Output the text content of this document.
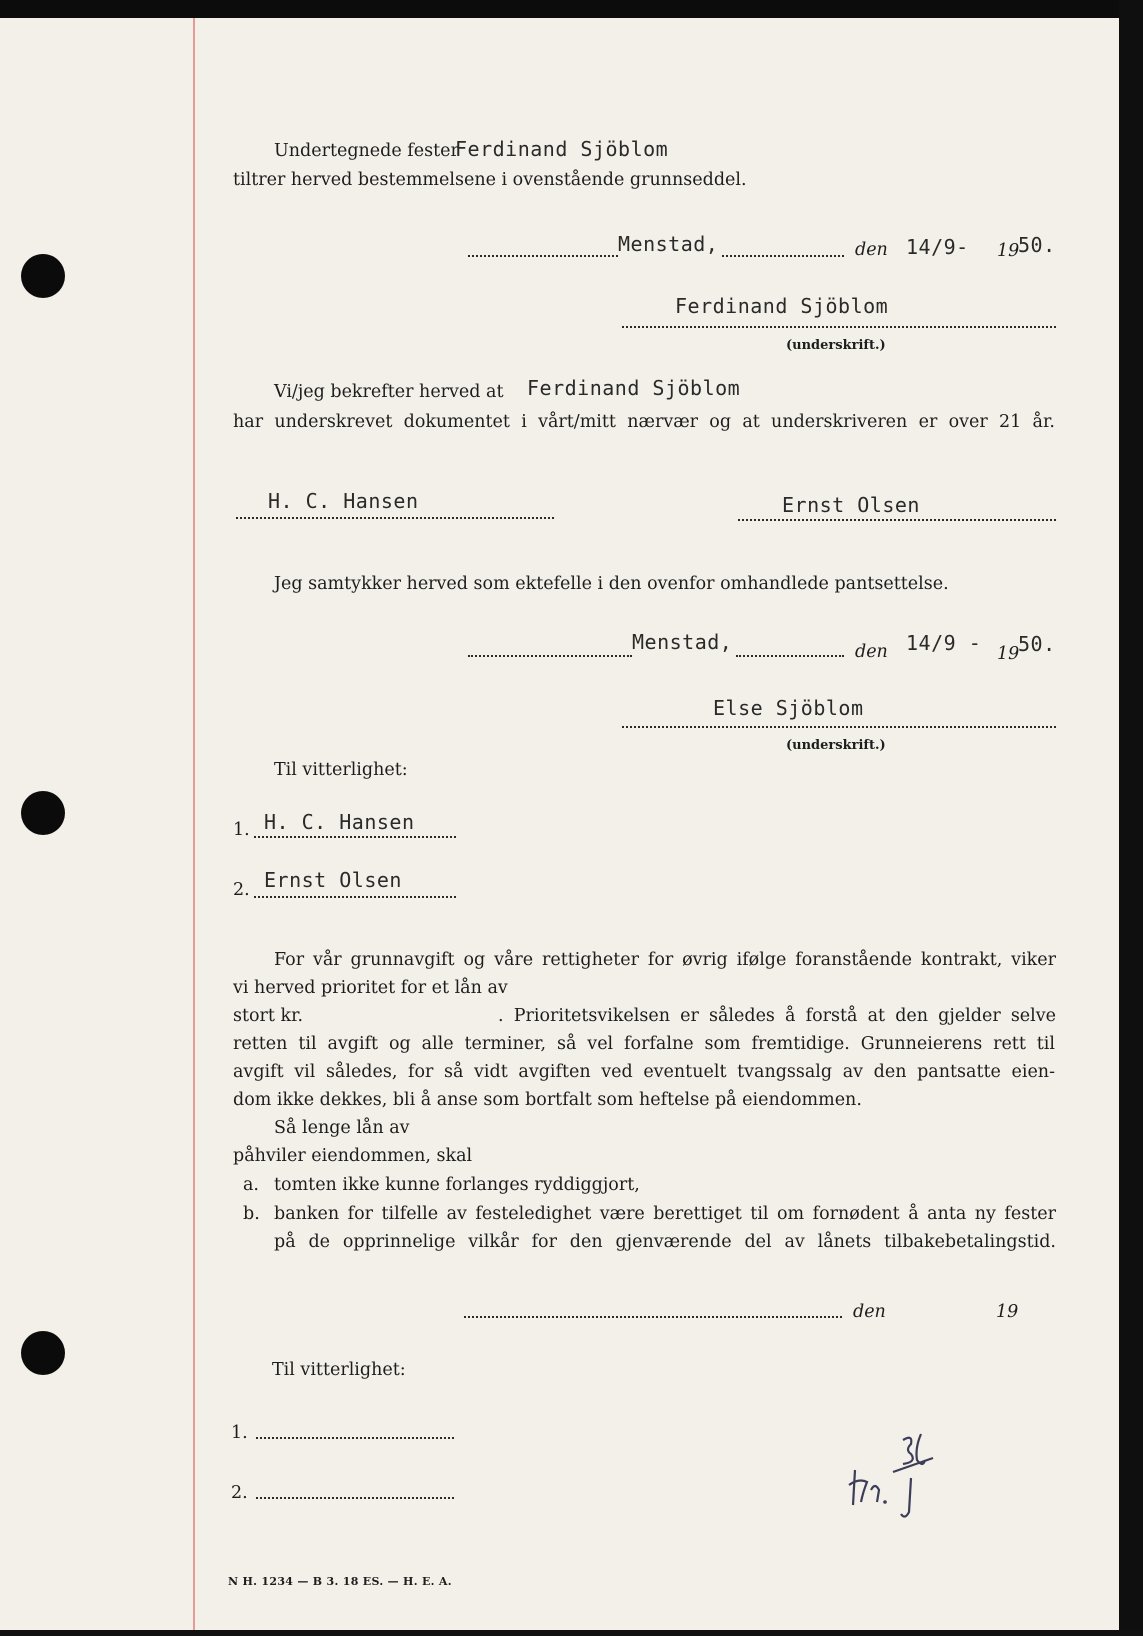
Undertegnede fester
Ferdinand Sjöblom
tiltrer herved bestemmelsene i ovenstående grunnseddel.
Menstad,	den 14/9- 19
50.
Ferdinand Sjöblom
(underskrift.)
Vi/jeg bekrefter herved at Ferdinand Sjöblom
har underskrevet dokumentet i vårt/mitt nærvær og at underskriveren er over 21 år.
H. C. Hansen	Ernst Olsen
Jeg samtykker herved som ektefelle i den ovenfor omhandlede pantsettelse.
Menstad,	den 14/9 - 19
50.
Else Sjöblom
(underskrift.)
Til vitterlighet:
1. H. C. Hansen
2. Ernst Olsen
For vår grunnavgift og våre rettigheter for øvrig ifølge foranstående kontrakt, viker
vi herved prioritet for et lån av
stort kr.	. Prioritetsvikelsen er således å forstå at den gjelder selve
retten til avgift og alle terminer, så vel forfalne som fremtidige. Grunneierens rett til
avgift vil således, for så vidt avgiften ved eventuelt tvangssalg av den pantsatte eien-
dom ikke dekkes, bli å anse som bortfalt som heftelse på eiendommen.
Så lenge lån av
påhviler eiendommen, skal
a. tomten ikke kunne forlanges ryddiggjort,
b. banken for tilfelle av festeledighet være berettiget til om fornødent å anta ny fester
på de opprinnelige vilkår for den gjenværende del av lånets tilbakebetalingstid.
den	19
Til vitterlighet:
1.
2.
N H. 1234 — B 3. 18 ES. — H. E. A.
